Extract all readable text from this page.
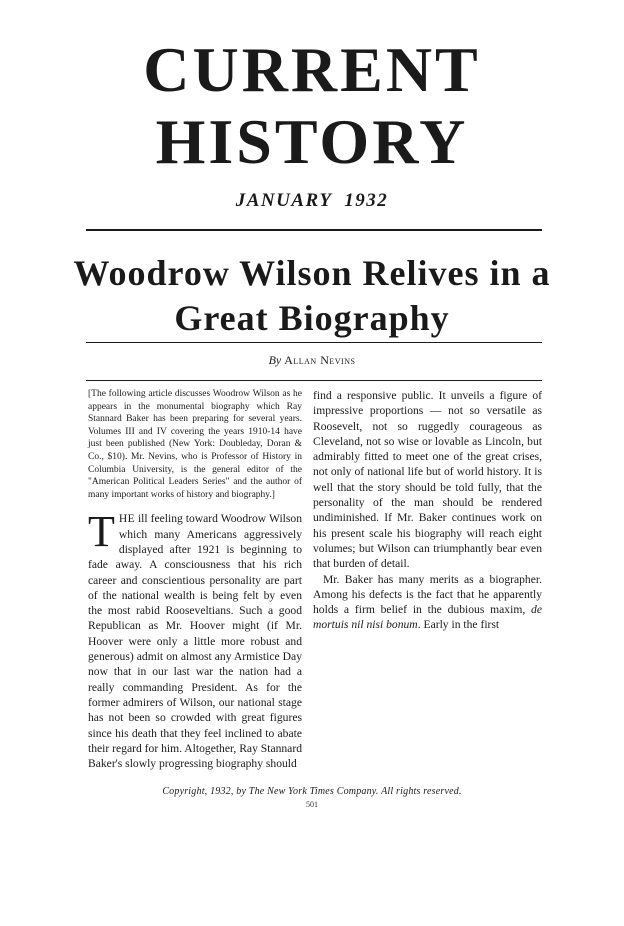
CURRENT
HISTORY
JANUARY  1932
Woodrow Wilson Relives in a
Great Biography
By Allan Nevins

[The following article discusses Woodrow Wilson as he appears in the monumental biography which Ray Stannard Baker has been preparing for several years. Volumes III and IV covering the years 1910-14 have just been published (New York: Doubleday, Doran & Co., $10). Mr. Nevins, who is Professor of History in Columbia University, is the general editor of the "American Political Leaders Series" and the author of many important works of history and biography.]

THE ill feeling toward Woodrow Wilson which many Americans aggressively displayed after 1921 is beginning to fade away. A consciousness that his rich career and conscientious personality are part of the national wealth is being felt by even the most rabid Rooseveltians. Such a good Republican as Mr. Hoover might (if Mr. Hoover were only a little more robust and generous) admit on almost any Armistice Day now that in our last war the nation had a really commanding President. As for the former admirers of Wilson, our national stage has not been so crowded with great figures since his death that they feel inclined to abate their regard for him. Altogether, Ray Stannard Baker's slowly progressing biography should

find a responsive public. It unveils a figure of impressive proportions — not so versatile as Roosevelt, not so ruggedly courageous as Cleveland, not so wise or lovable as Lincoln, but admirably fitted to meet one of the great crises, not only of national life but of world history. It is well that the story should be told fully, that the personality of the man should be rendered undiminished. If Mr. Baker continues work on his present scale his biography will reach eight volumes; but Wilson can triumphantly bear even that burden of detail.

Mr. Baker has many merits as a biographer. Among his defects is the fact that he apparently holds a firm belief in the dubious maxim, de mortuis nil nisi bonum. Early in the first

Copyright, 1932, by The New York Times Company. All rights reserved.
501
